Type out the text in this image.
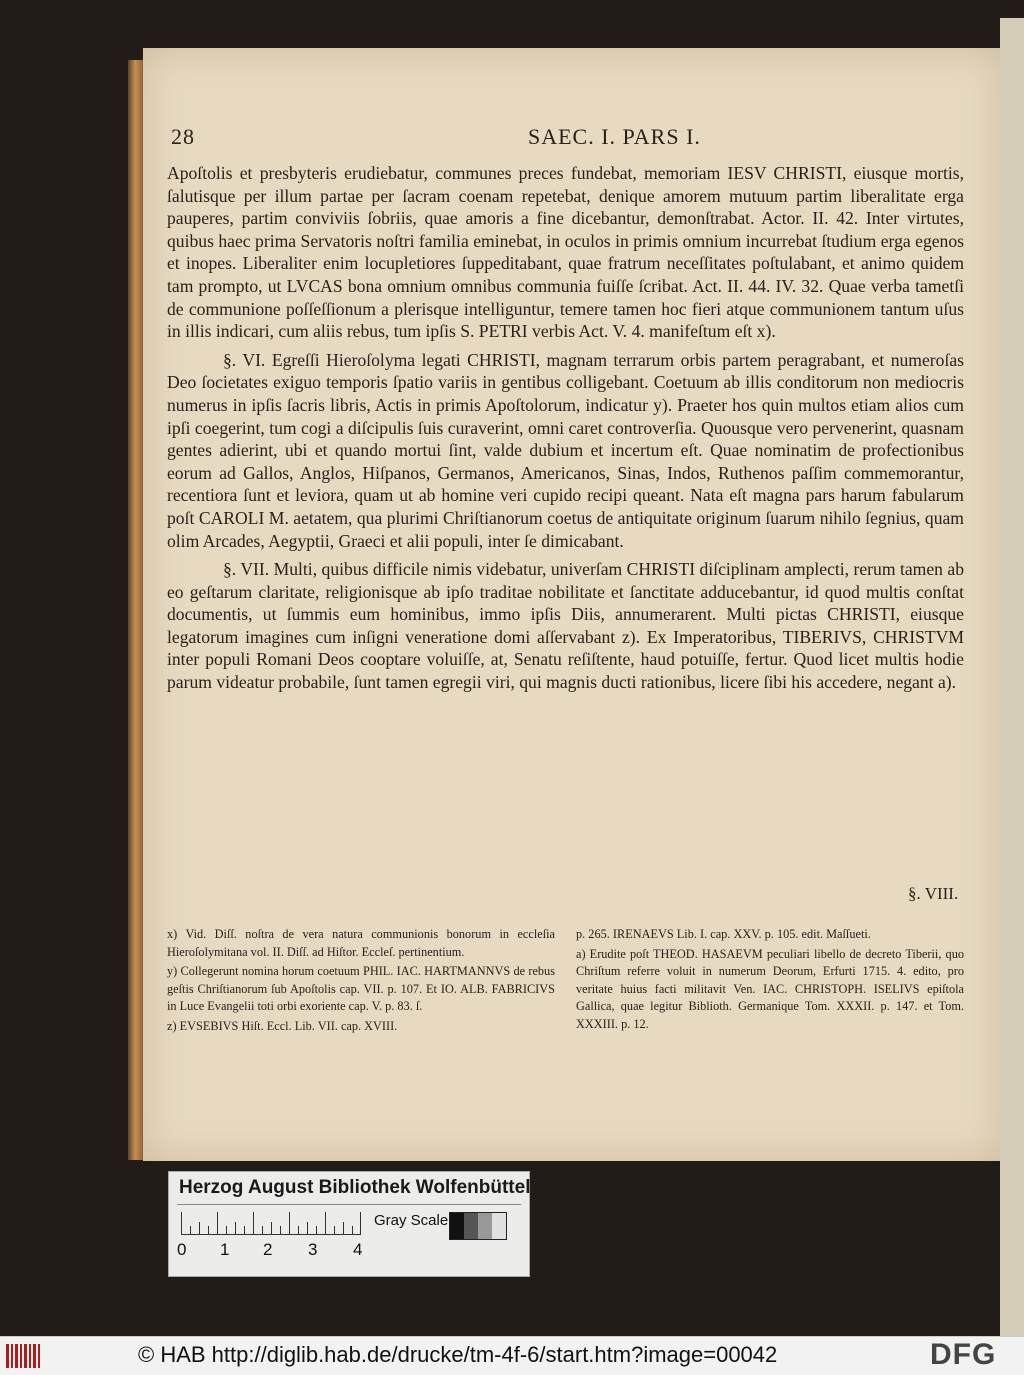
28	SAEC. I. PARS I.

Apoſtolis et presbyteris erudiebatur, communes preces fundebat, memoriam IESV CHRISTI, eiusque mortis, ſalutisque per illum partae per ſacram coenam repetebat, denique amorem mutuum partim liberalitate erga pauperes, partim conviviis ſobriis, quae amoris a fine dicebantur, demonſtrabat. Actor. II. 42. Inter virtutes, quibus haec prima Servatoris noſtri familia eminebat, in oculos in primis omnium incurrebat ſtudium erga egenos et inopes. Liberaliter enim locupletiores ſuppeditabant, quae fratrum neceſſitates poſtulabant, et animo quidem tam prompto, ut LVCAS bona omnium omnibus communia fuiſſe ſcribat. Act. II. 44. IV. 32. Quae verba tametſi de communione poſſeſſionum a plerisque intelliguntur, temere tamen hoc fieri atque communionem tantum uſus in illis indicari, cum aliis rebus, tum ipſis S. PETRI verbis Act. V. 4. manifeſtum eſt x).

§. VI. Egreſſi Hieroſolyma legati CHRISTI, magnam terrarum orbis partem peragrabant, et numeroſas Deo ſocietates exiguo temporis ſpatio variis in gentibus colligebant. Coetuum ab illis conditorum non mediocris numerus in ipſis ſacris libris, Actis in primis Apoſtolorum, indicatur y). Praeter hos quin multos etiam alios cum ipſi coegerint, tum cogi a diſcipulis ſuis curaverint, omni caret controverſia. Quousque vero pervenerint, quasnam gentes adierint, ubi et quando mortui ſint, valde dubium et incertum eſt. Quae nominatim de profectionibus eorum ad Gallos, Anglos, Hiſpanos, Germanos, Americanos, Sinas, Indos, Ruthenos paſſim commemorantur, recentiora ſunt et leviora, quam ut ab homine veri cupido recipi queant. Nata eſt magna pars harum fabularum poſt CAROLI M. aetatem, qua plurimi Chriſtianorum coetus de antiquitate originum ſuarum nihilo ſegnius, quam olim Arcades, Aegyptii, Graeci et alii populi, inter ſe dimicabant.

§. VII. Multi, quibus difficile nimis videbatur, univerſam CHRISTI diſciplinam amplecti, rerum tamen ab eo geſtarum claritate, religionisque ab ipſo traditae nobilitate et ſanctitate adducebantur, id quod multis conſtat documentis, ut ſummis eum hominibus, immo ipſis Diis, annumerarent. Multi pictas CHRISTI, eiusque legatorum imagines cum inſigni veneratione domi aſſervabant z). Ex Imperatoribus, TIBERIVS, CHRISTVM inter populi Romani Deos cooptare voluiſſe, at, Senatu reſiſtente, haud potuiſſe, fertur. Quod licet multis hodie parum videatur probabile, ſunt tamen egregii viri, qui magnis ducti rationibus, licere ſibi his accedere, negant a).

§. VIII.

x) Vid. Diſſ. noſtra de vera natura communionis bonorum in eccleſia Hieroſolymitana vol. II. Diſſ. ad Hiſtor. Eccleſ. pertinentium.

y) Collegerunt nomina horum coetuum PHIL. IAC. HARTMANNVS de rebus geſtis Chriſtianorum ſub Apoſtolis cap. VII. p. 107. Et IO. ALB. FABRICIVS in Luce Evangelii toti orbi exoriente cap. V. p. 83. ſ.

z) EVSEBIVS Hiſt. Eccl. Lib. VII. cap. XVIII.

p. 265. IRENAEVS Lib. I. cap. XXV. p. 105. edit. Maſſueti.

a) Erudite poſt THEOD. HASAEVM peculiari libello de decreto Tiberii, quo Chriſtum referre voluit in numerum Deorum, Erfurti 1715. 4. edito, pro veritate huius facti militavit Ven. IAC. CHRISTOPH. ISELIVS epiſtola Gallica, quae legitur Biblioth. Germanique Tom. XXXII. p. 147. et Tom. XXXIII. p. 12.

Herzog August Bibliothek Wolfenbüttel
0 1 2 3 4
Gray Scale
© HAB http://diglib.hab.de/drucke/tm-4f-6/start.htm?image=00042	DFG
